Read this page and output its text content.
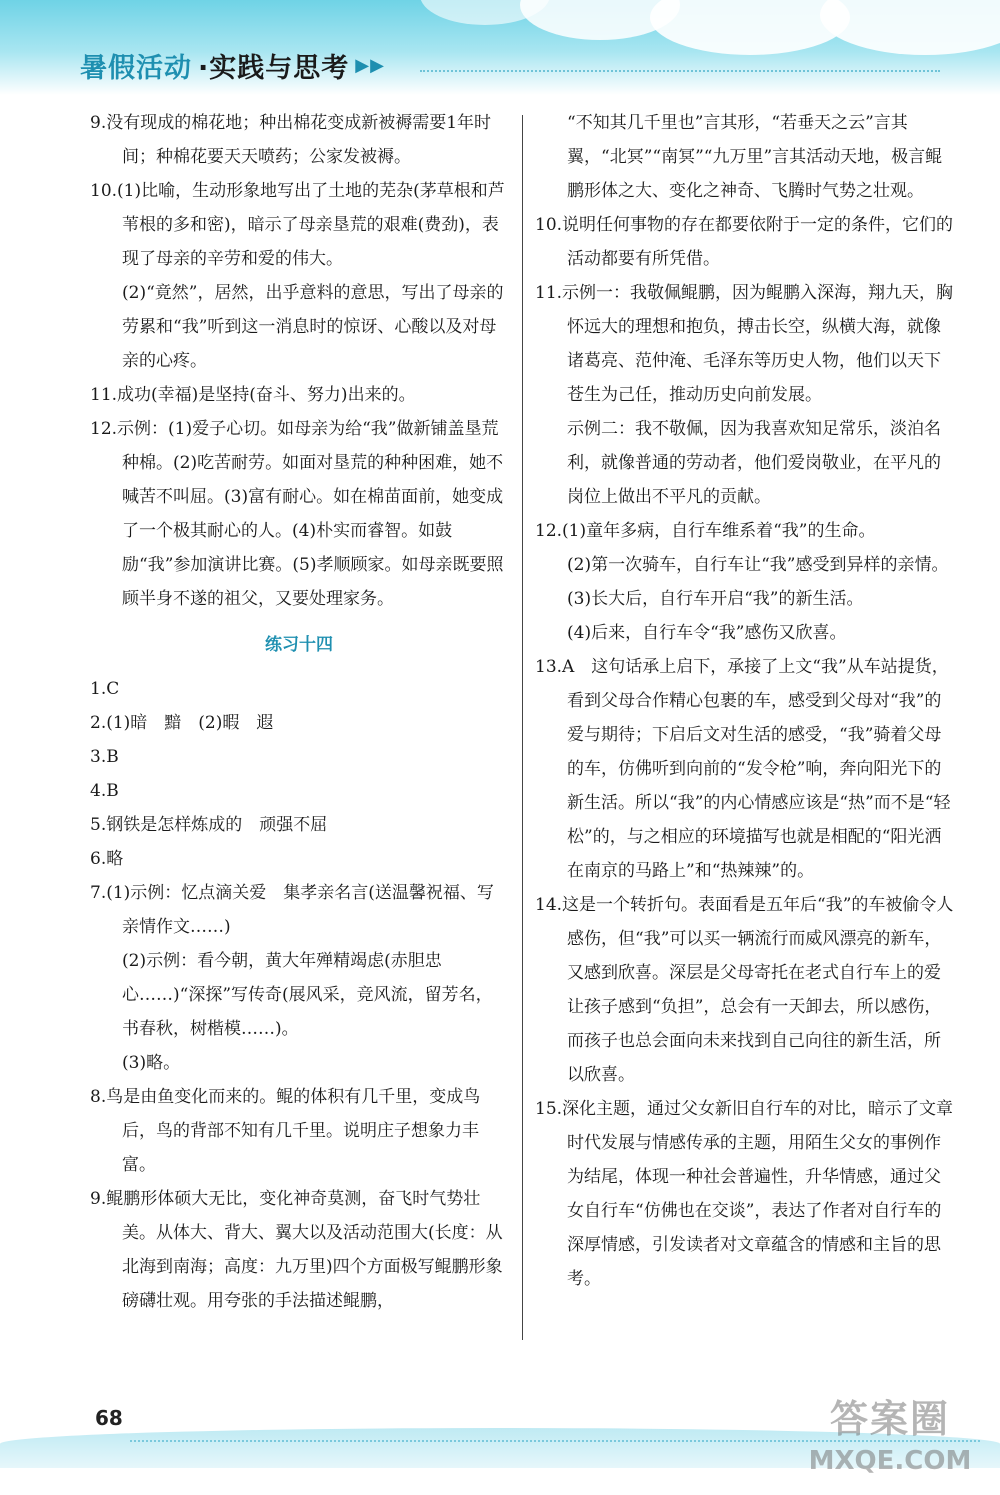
暑假活动 ·实践与思考 ▶▶

9.没有现成的棉花地；种出棉花变成新被褥需要1年时间；种棉花要天天喷药；公家发被褥。

10.(1)比喻，生动形象地写出了土地的芜杂(茅草根和芦苇根的多和密)，暗示了母亲垦荒的艰难(费劲)，表现了母亲的辛劳和爱的伟大。

(2)“竟然”，居然，出乎意料的意思，写出了母亲的劳累和“我”听到这一消息时的惊讶、心酸以及对母亲的心疼。

11.成功(幸福)是坚持(奋斗、努力)出来的。

12.示例：(1)爱子心切。如母亲为给“我”做新铺盖垦荒种棉。(2)吃苦耐劳。如面对垦荒的种种困难，她不喊苦不叫屈。(3)富有耐心。如在棉苗面前，她变成了一个极其耐心的人。(4)朴实而睿智。如鼓励“我”参加演讲比赛。(5)孝顺顾家。如母亲既要照顾半身不遂的祖父，又要处理家务。

练习十四

1.C

2.(1)暗　黯　(2)暇　遐

3.B

4.B

5.钢铁是怎样炼成的　顽强不屈

6.略

7.(1)示例：忆点滴关爱　集孝亲名言(送温馨祝福、写亲情作文……)

(2)示例：看今朝，黄大年殚精竭虑(赤胆忠心……)“深探”写传奇(展风采，竞风流，留芳名，书春秋，树楷模……)。

(3)略。

8.鸟是由鱼变化而来的。鲲的体积有几千里，变成鸟后，鸟的背部不知有几千里。说明庄子想象力丰富。

9.鲲鹏形体硕大无比，变化神奇莫测，奋飞时气势壮美。从体大、背大、翼大以及活动范围大(长度：从北海到南海；高度：九万里)四个方面极写鲲鹏形象磅礴壮观。用夸张的手法描述鲲鹏，

“不知其几千里也”言其形，“若垂天之云”言其翼，“北冥”“南冥”“九万里”言其活动天地，极言鲲鹏形体之大、变化之神奇、飞腾时气势之壮观。

10.说明任何事物的存在都要依附于一定的条件，它们的活动都要有所凭借。

11.示例一：我敬佩鲲鹏，因为鲲鹏入深海，翔九天，胸怀远大的理想和抱负，搏击长空，纵横大海，就像诸葛亮、范仲淹、毛泽东等历史人物，他们以天下苍生为己任，推动历史向前发展。

示例二：我不敬佩，因为我喜欢知足常乐，淡泊名利，就像普通的劳动者，他们爱岗敬业，在平凡的岗位上做出不平凡的贡献。

12.(1)童年多病，自行车维系着“我”的生命。

(2)第一次骑车，自行车让“我”感受到异样的亲情。

(3)长大后，自行车开启“我”的新生活。

(4)后来，自行车令“我”感伤又欣喜。

13.A　这句话承上启下，承接了上文“我”从车站提货，看到父母合作精心包裹的车，感受到父母对“我”的爱与期待；下启后文对生活的感受，“我”骑着父母的车，仿佛听到向前的“发令枪”响，奔向阳光下的新生活。所以“我”的内心情感应该是“热”而不是“轻松”的，与之相应的环境描写也就是相配的“阳光洒在南京的马路上”和“热辣辣”的。

14.这是一个转折句。表面看是五年后“我”的车被偷令人感伤，但“我”可以买一辆流行而威风漂亮的新车，又感到欣喜。深层是父母寄托在老式自行车上的爱让孩子感到“负担”，总会有一天卸去，所以感伤，而孩子也总会面向未来找到自己向往的新生活，所以欣喜。

15.深化主题，通过父女新旧自行车的对比，暗示了文章时代发展与情感传承的主题，用陌生父女的事例作为结尾，体现一种社会普遍性，升华情感，通过父女自行车“仿佛也在交谈”，表达了作者对自行车的深厚情感，引发读者对文章蕴含的情感和主旨的思考。

68	答案圈
MXQE.COM
